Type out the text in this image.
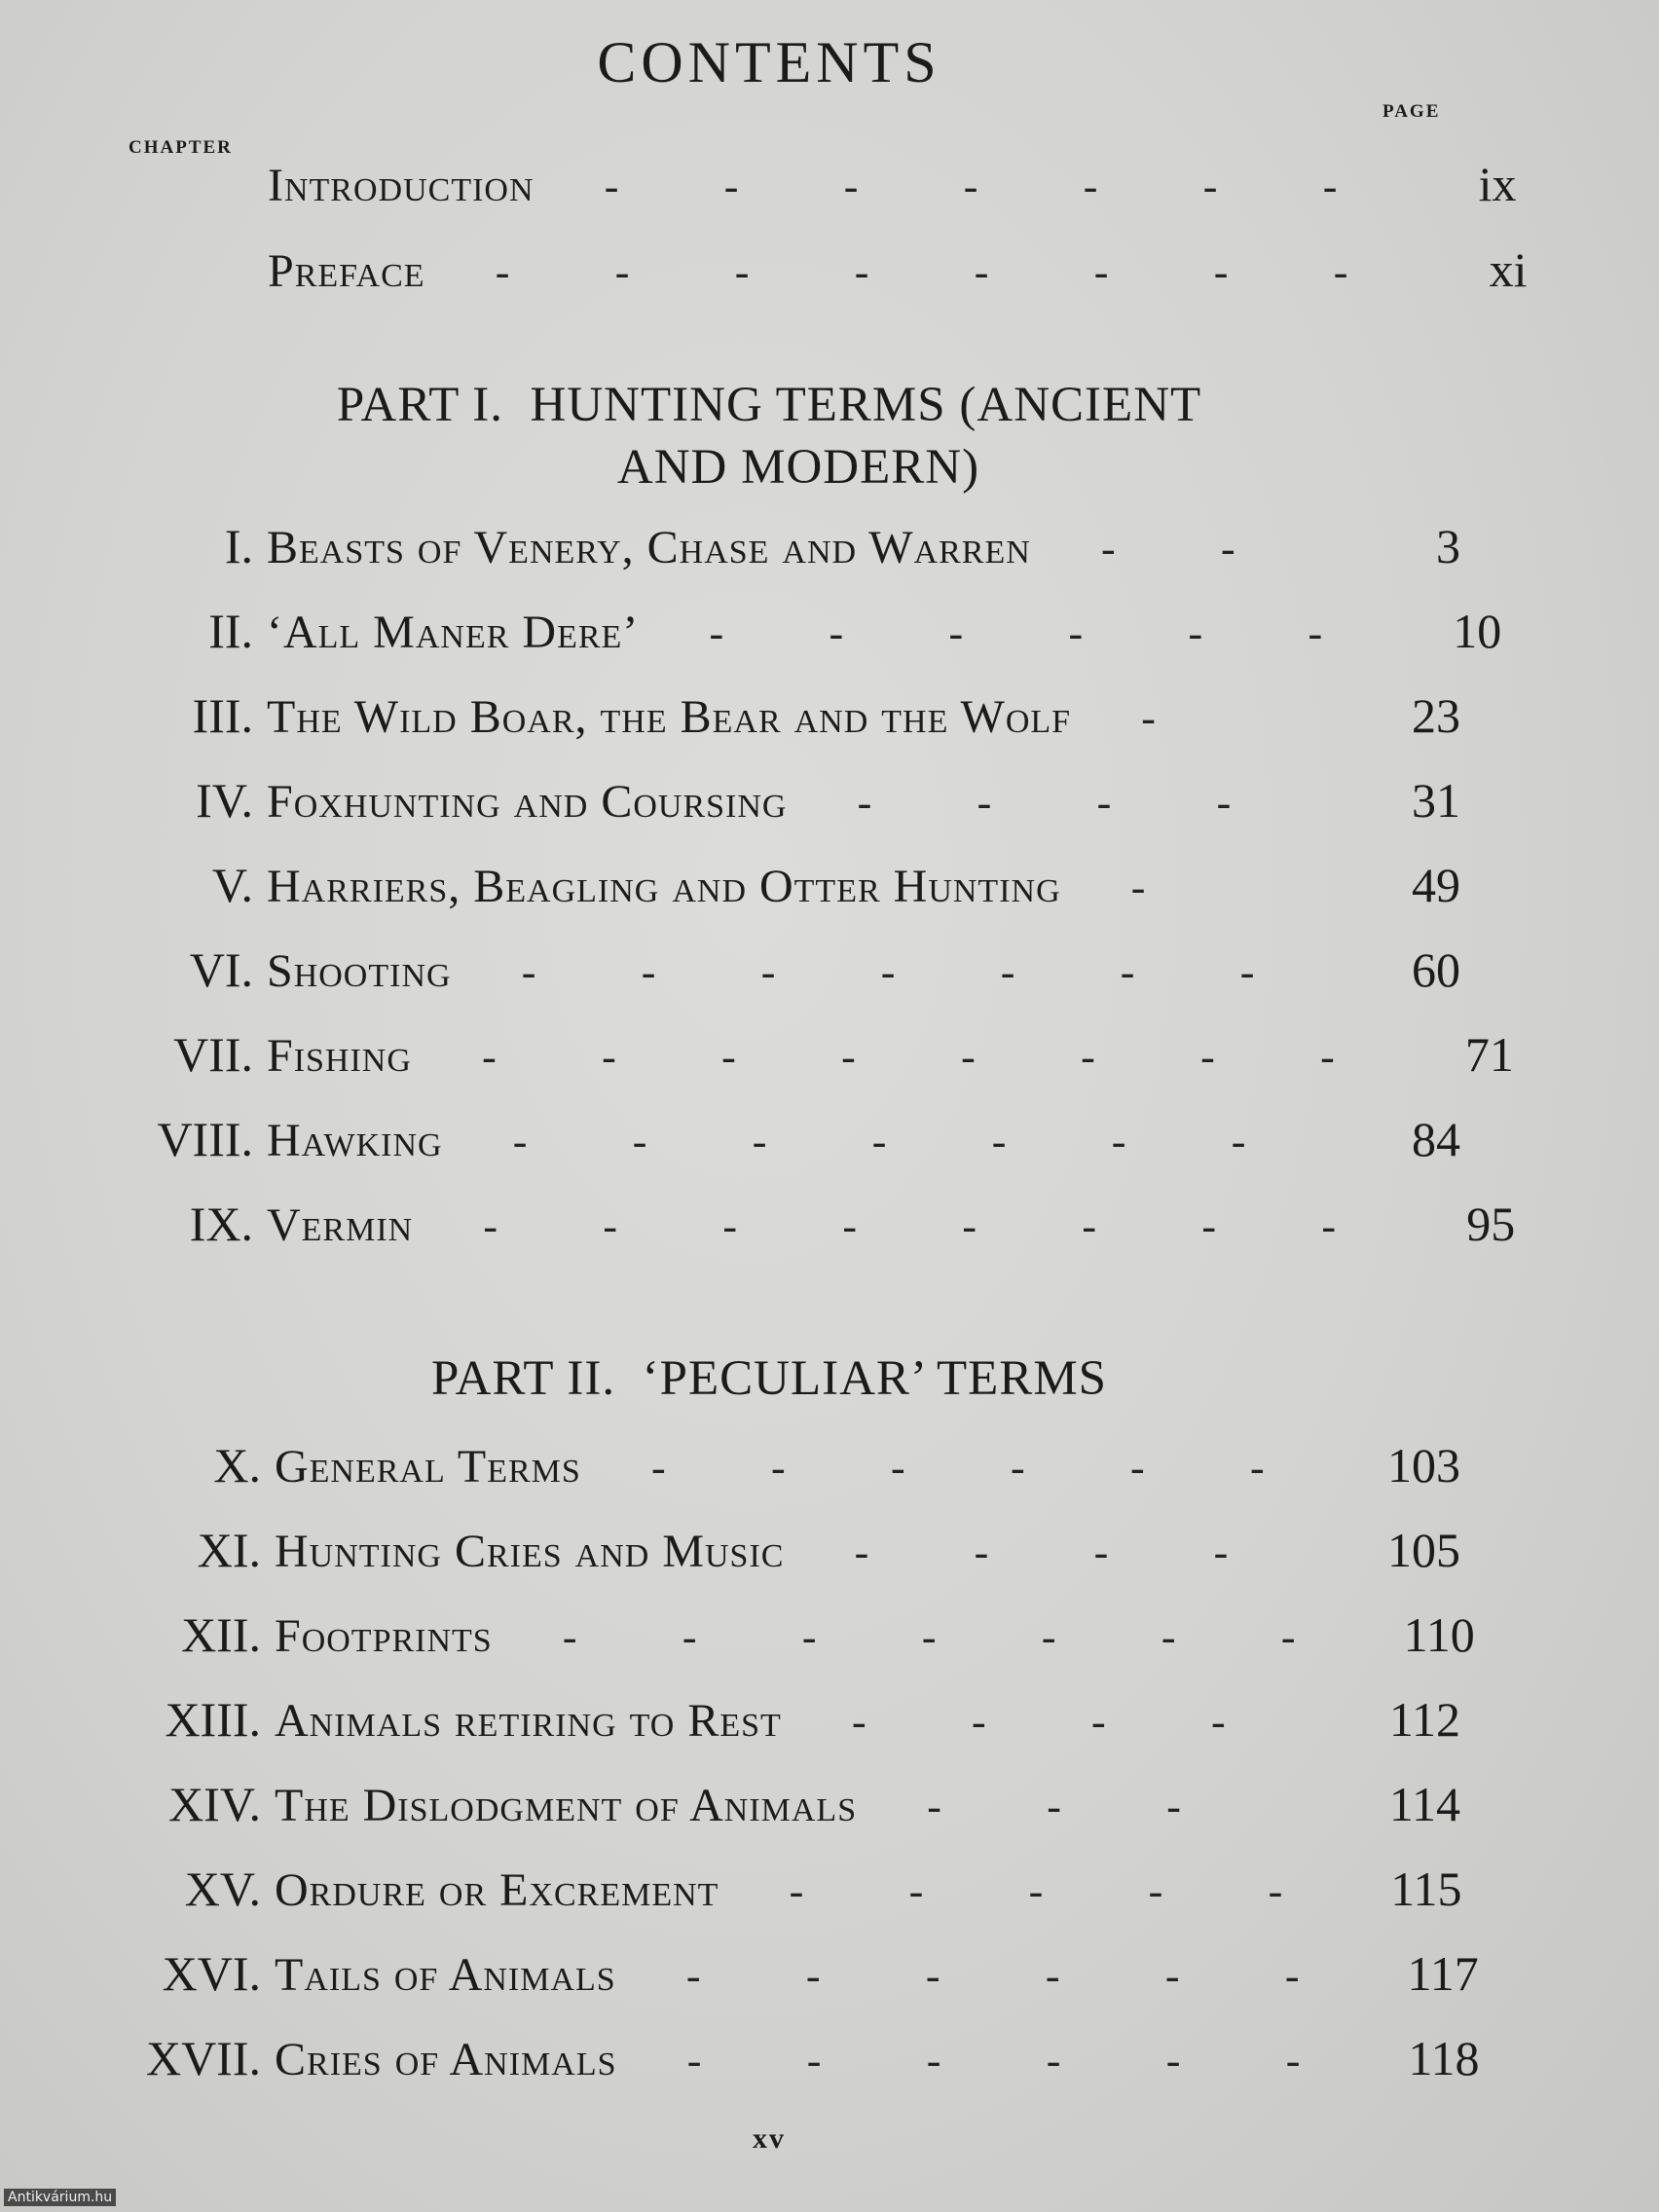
CONTENTS
PAGE
CHAPTER
Introduction	- - - - - - -	ix
Preface	- - - - - - - -	xi
PART I.  HUNTING TERMS (ANCIENT
AND MODERN)
I. Beasts of Venery, Chase and Warren	- -	3
II. ‘All Maner Dere’	- - - - - -	10
III. The Wild Boar, the Bear and the Wolf	-	23
IV. Foxhunting and Coursing	- - - -	31
V. Harriers, Beagling and Otter Hunting	-	49
VI. Shooting	- - - - - - -	60
VII. Fishing	- - - - - - - -	71
VIII. Hawking	- - - - - - -	84
IX. Vermin	- - - - - - - -	95
PART II.  ‘PECULIAR’ TERMS
X. General Terms	- - - - - -	103
XI. Hunting Cries and Music	- - - -	105
XII. Footprints	- - - - - - -	110
XIII. Animals retiring to Rest	- - - -	112
XIV. The Dislodgment of Animals	- - -	114
XV. Ordure or Excrement	- - - - -	115
XVI. Tails of Animals	- - - - - -	117
XVII. Cries of Animals	- - - - - -	118
xv
Antikvárium.hu
